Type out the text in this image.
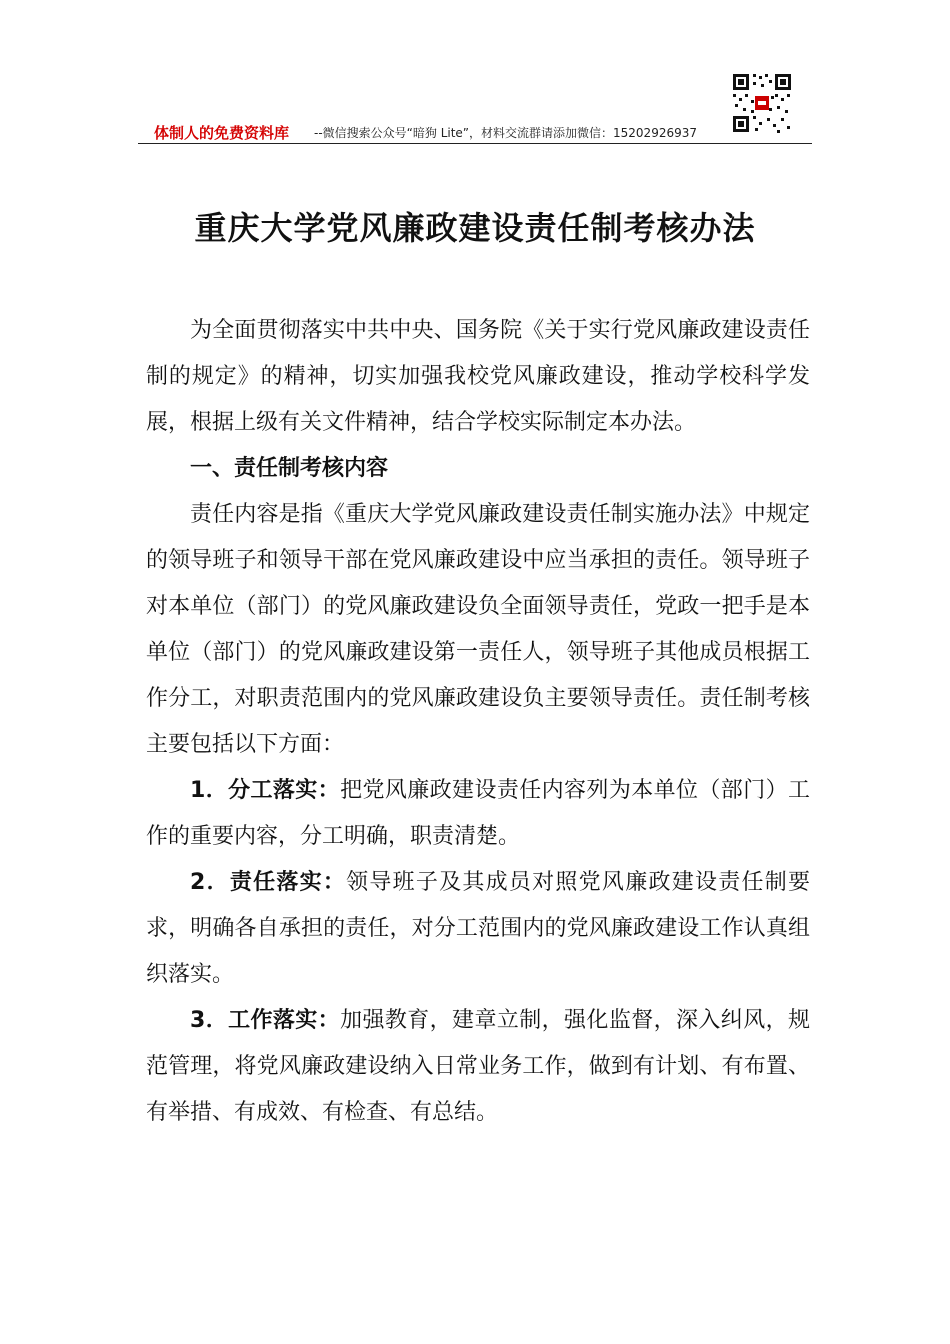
体制人的免费资料库 --微信搜索公众号“暗狗 Lite”，材料交流群请添加微信：15202926937
重庆大学党风廉政建设责任制考核办法

为全面贯彻落实中共中央、国务院《关于实行党风廉政建设责任制的规定》的精神，切实加强我校党风廉政建设，推动学校科学发展，根据上级有关文件精神，结合学校实际制定本办法。

一、责任制考核内容

责任内容是指《重庆大学党风廉政建设责任制实施办法》中规定的领导班子和领导干部在党风廉政建设中应当承担的责任。领导班子对本单位（部门）的党风廉政建设负全面领导责任，党政一把手是本单位（部门）的党风廉政建设第一责任人，领导班子其他成员根据工作分工，对职责范围内的党风廉政建设负主要领导责任。责任制考核主要包括以下方面：

1．分工落实：把党风廉政建设责任内容列为本单位（部门）工作的重要内容，分工明确，职责清楚。

2．责任落实：领导班子及其成员对照党风廉政建设责任制要求，明确各自承担的责任，对分工范围内的党风廉政建设工作认真组织落实。

3．工作落实：加强教育，建章立制，强化监督，深入纠风，规范管理，将党风廉政建设纳入日常业务工作，做到有计划、有布置、有举措、有成效、有检查、有总结。
